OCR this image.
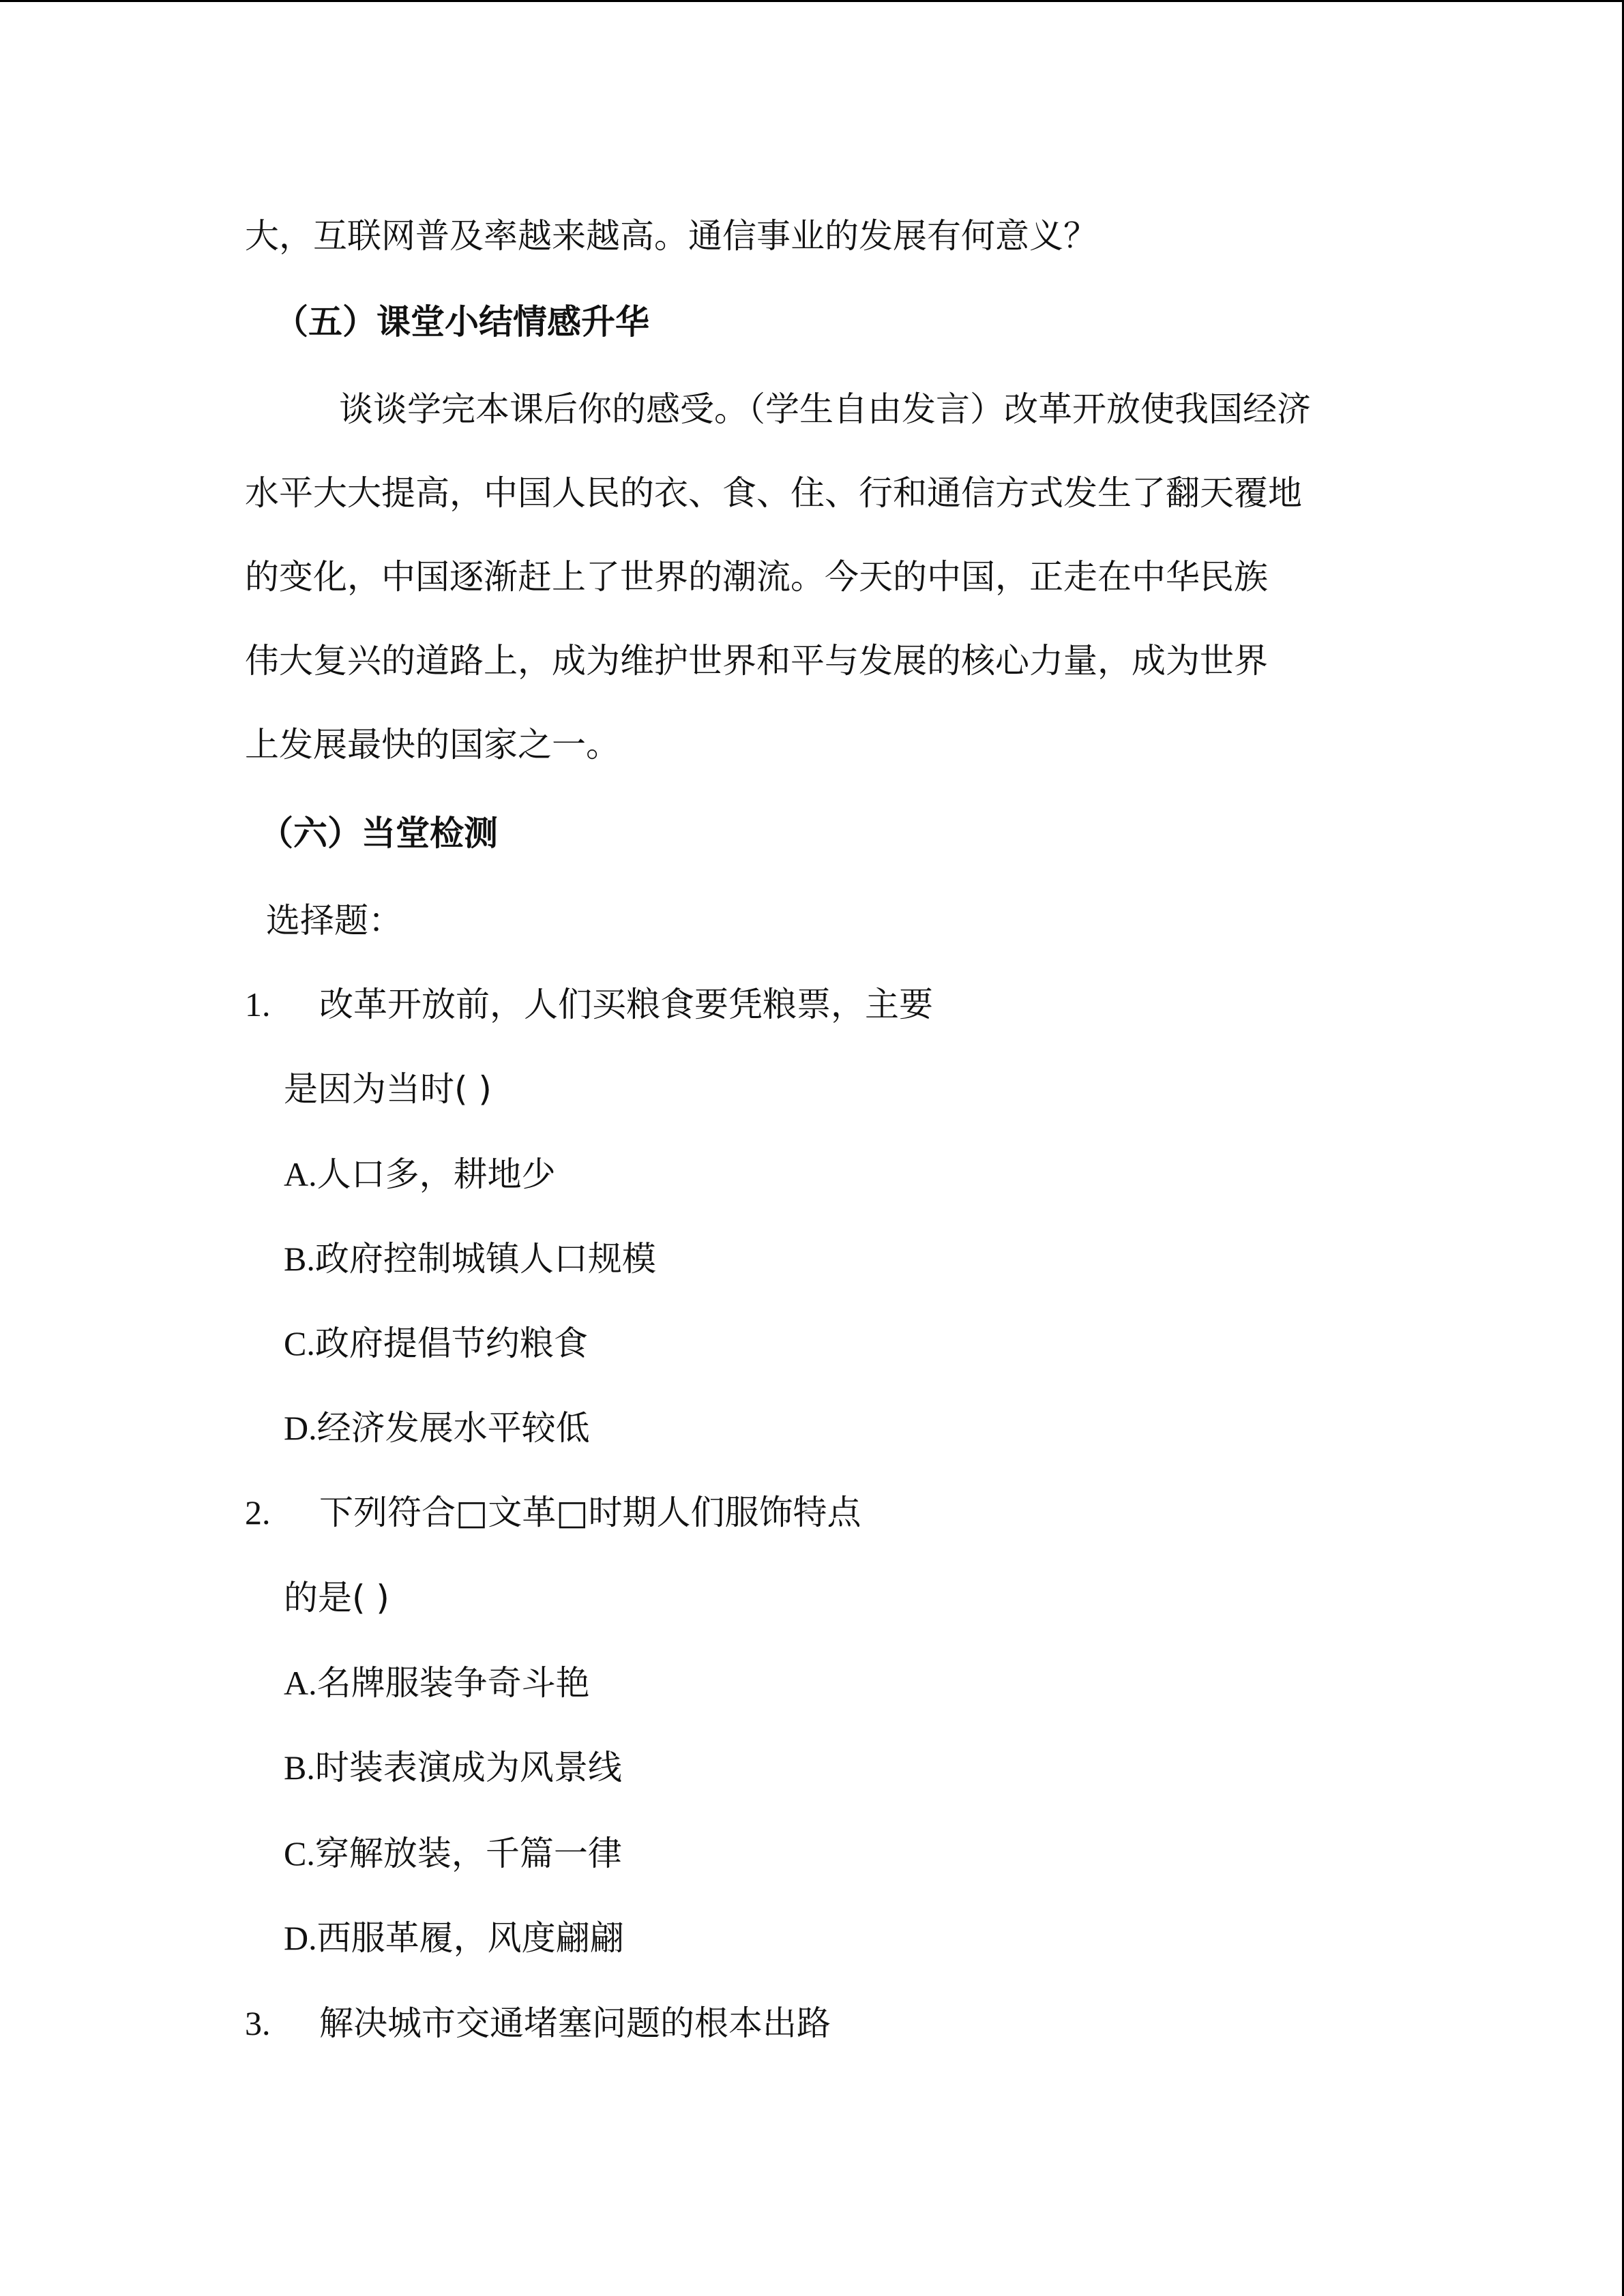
大，互联网普及率越来越高。通信事业的发展有何意义？
（五）课堂小结情感升华
谈谈学完本课后你的感受。（学生自由发言）改革开放使我国经济
水平大大提高，中国人民的衣、食、住、行和通信方式发生了翻天覆地
的变化，中国逐渐赶上了世界的潮流。今天的中国，正走在中华民族
伟大复兴的道路上，成为维护世界和平与发展的核心力量，成为世界
上发展最快的国家之一。
（六）当堂检测
选择题：
1. 改革开放前，人们买粮食要凭粮票，主要
是因为当时( )
A.人口多，耕地少
B.政府控制城镇人口规模
C.政府提倡节约粮食
D.经济发展水平较低
2. 下列符合□文革□时期人们服饰特点
的是( )
A.名牌服装争奇斗艳
B.时装表演成为风景线
C.穿解放装，千篇一律
D.西服革履，风度翩翩
3. 解决城市交通堵塞问题的根本出路
